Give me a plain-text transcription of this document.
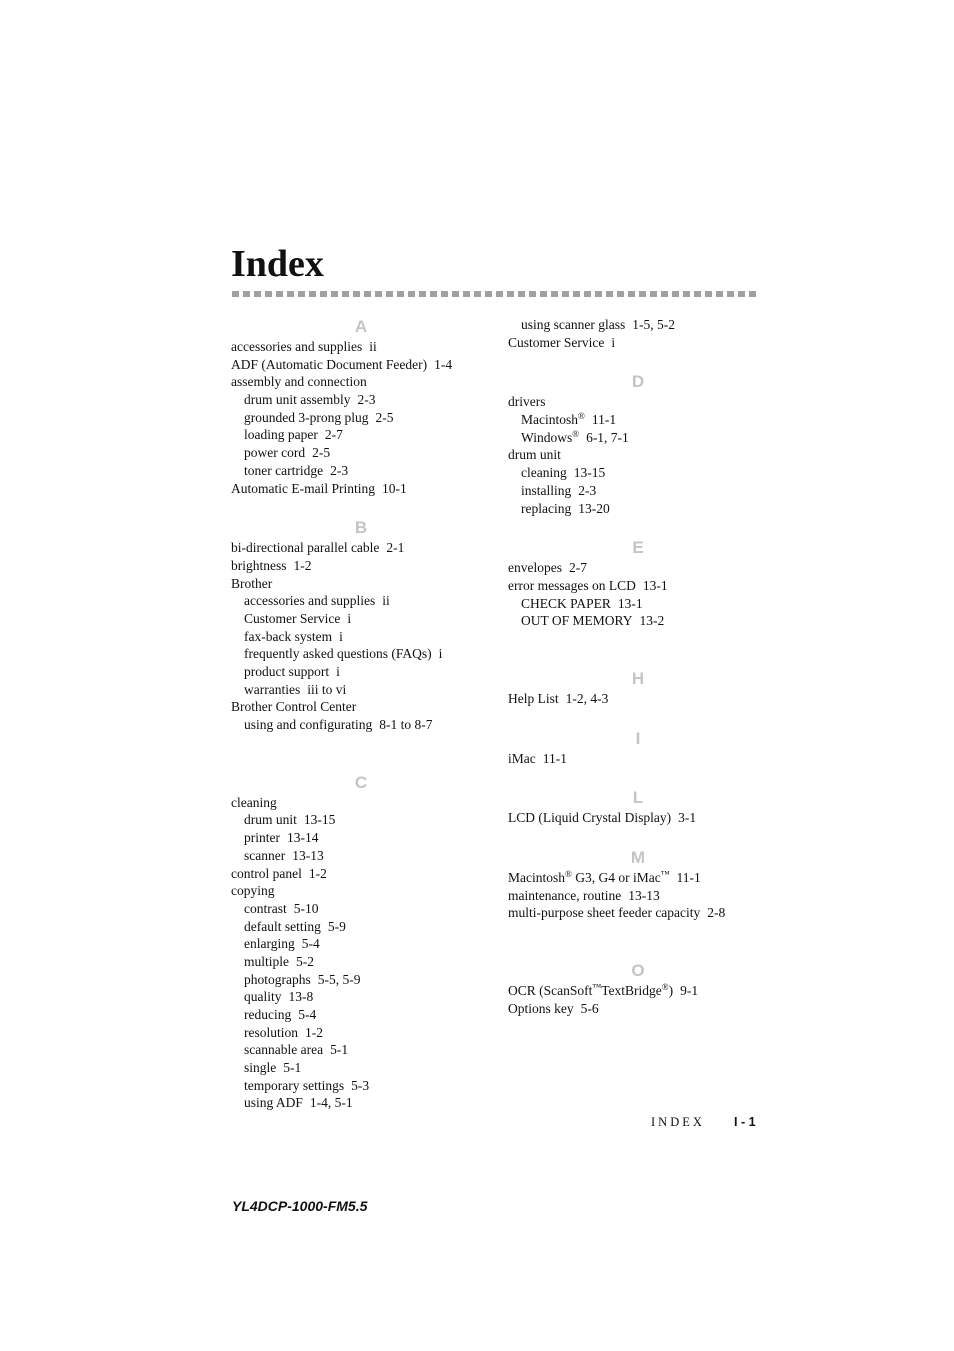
Index
A
accessories and supplies ii
ADF (Automatic Document Feeder) 1-4
assembly and connection
drum unit assembly 2-3
grounded 3-prong plug 2-5
loading paper 2-7
power cord 2-5
toner cartridge 2-3
Automatic E-mail Printing 10-1
B
bi-directional parallel cable 2-1
brightness 1-2
Brother
accessories and supplies ii
Customer Service i
fax-back system i
frequently asked questions (FAQs) i
product support i
warranties iii to vi
Brother Control Center
using and configurating 8-1 to 8-7
C
cleaning
drum unit 13-15
printer 13-14
scanner 13-13
control panel 1-2
copying
contrast 5-10
default setting 5-9
enlarging 5-4
multiple 5-2
photographs 5-5, 5-9
quality 13-8
reducing 5-4
resolution 1-2
scannable area 5-1
single 5-1
temporary settings 5-3
using ADF 1-4, 5-1
using scanner glass 1-5, 5-2
Customer Service i
D
drivers
Macintosh® 11-1
Windows® 6-1, 7-1
drum unit
cleaning 13-15
installing 2-3
replacing 13-20
E
envelopes 2-7
error messages on LCD 13-1
CHECK PAPER 13-1
OUT OF MEMORY 13-2
H
Help List 1-2, 4-3
I
iMac 11-1
L
LCD (Liquid Crystal Display) 3-1
M
Macintosh® G3, G4 or iMac™ 11-1
maintenance, routine 13-13
multi-purpose sheet feeder capacity 2-8
O
OCR (ScanSoft™TextBridge®) 9-1
Options key 5-6
INDEX I - 1
YL4DCP-1000-FM5.5
